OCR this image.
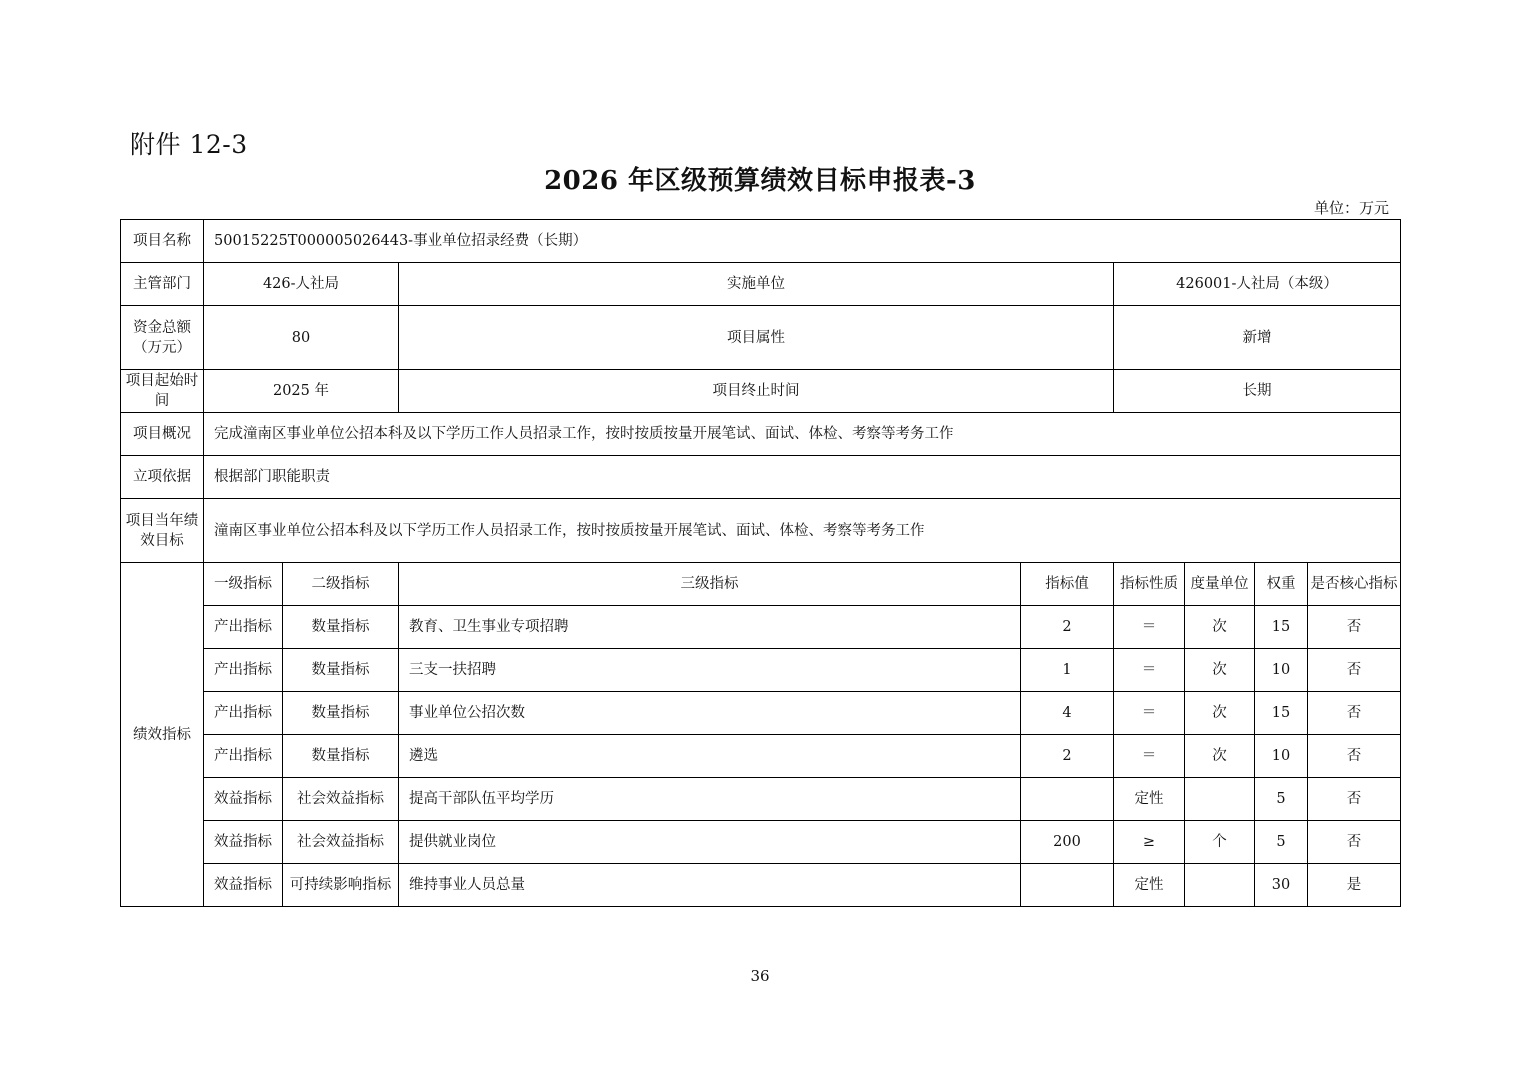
附件 12-3
2026 年区级预算绩效目标申报表-3
单位：万元
项目名称	50015225T000005026443-事业单位招录经费（长期）							
主管部门	426-人社局		实施单位		426001-人社局（本级）			
资金总额（万元）	80		项目属性		新增			
项目起始时间	2025 年		项目终止时间		长期			
项目概况	完成潼南区事业单位公招本科及以下学历工作人员招录工作，按时按质按量开展笔试、面试、体检、考察等考务工作							
立项依据	根据部门职能职责							
项目当年绩效目标	潼南区事业单位公招本科及以下学历工作人员招录工作，按时按质按量开展笔试、面试、体检、考察等考务工作							
绩效指标	一级指标	二级指标	三级指标	指标值	指标性质	度量单位	权重	是否核心指标
	产出指标	数量指标	教育、卫生事业专项招聘	2	＝	次	15	否
	产出指标	数量指标	三支一扶招聘	1	＝	次	10	否
	产出指标	数量指标	事业单位公招次数	4	＝	次	15	否
	产出指标	数量指标	遴选	2	＝	次	10	否
	效益指标	社会效益指标	提高干部队伍平均学历		定性		5	否
	效益指标	社会效益指标	提供就业岗位	200	≥	个	5	否
	效益指标	可持续影响指标	维持事业人员总量		定性		30	是
36
